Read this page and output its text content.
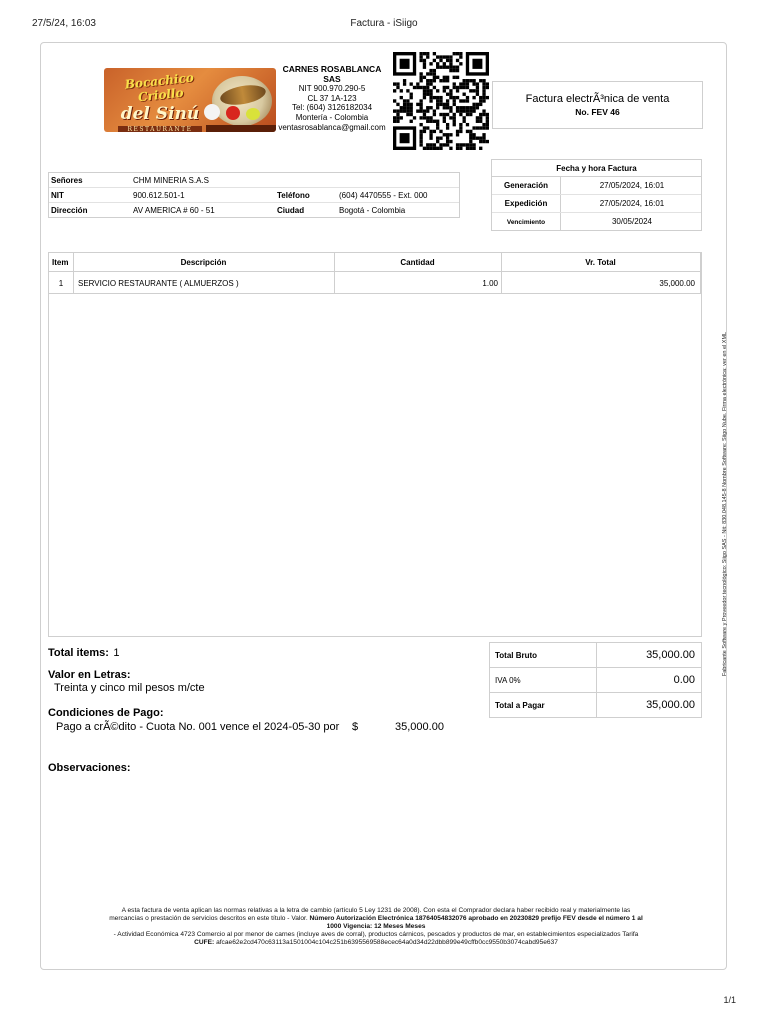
27/5/24, 16:03	Factura - iSiigo
Bocachico Criollo
del Sinú
RESTAURANTE
CARNES ROSABLANCA SAS
NIT 900.970.290-5
CL 37 1A-123
Tel: (604) 3126182034
Montería - Colombia
ventasrosablanca@gmail.com
Factura electrÃ³nica de venta
No. FEV 46
Señores	CHM MINERIA S.A.S
NIT	900.612.501-1	Teléfono	(604) 4470555 - Ext. 000
Dirección	AV AMERICA # 60 - 51	Ciudad	Bogotá - Colombia
Fecha y hora Factura
Generación	27/05/2024, 16:01
Expedición	27/05/2024, 16:01
Vencimiento	30/05/2024
Item	Descripción	Cantidad	Vr. Total
1	SERVICIO RESTAURANTE ( ALMUERZOS )	1.00	35,000.00
Total items: 1
Valor en Letras:
Treinta y cinco mil pesos m/cte
Condiciones de Pago:
Pago a crÃ©dito - Cuota No. 001 vence el 2024-05-30 por $	35,000.00
Observaciones:
Total Bruto	35,000.00
IVA 0%	0.00
Total a Pagar	35,000.00
A esta factura de venta aplican las normas relativas a la letra de cambio (artículo 5 Ley 1231 de 2008). Con esta el Comprador declara haber recibido real y materialmente las
mercancías o prestación de servicios descritos en este título - Valor. Número Autorización Electrónica 18764054832076 aprobado en 20230829 prefijo FEV desde el número 1 al
1000 Vigencia: 12 Meses Meses
- Actividad Económica 4723 Comercio al por menor de carnes (incluye aves de corral), productos cárnicos, pescados y productos de mar, en establecimientos especializados Tarifa
CUFE: afcae62e2cd470c63113a1501004c104c251b6395569588ecec64a0d34d22dbb899e49cffb0cc9550b3074cabd95e637
Fabricante Software y Proveedor tecnológico: Siigo SAS - Nit: 830.048.145-8 Nombre Software: Siigo Nube. Firma electrónica: ver en el XML
1/1
